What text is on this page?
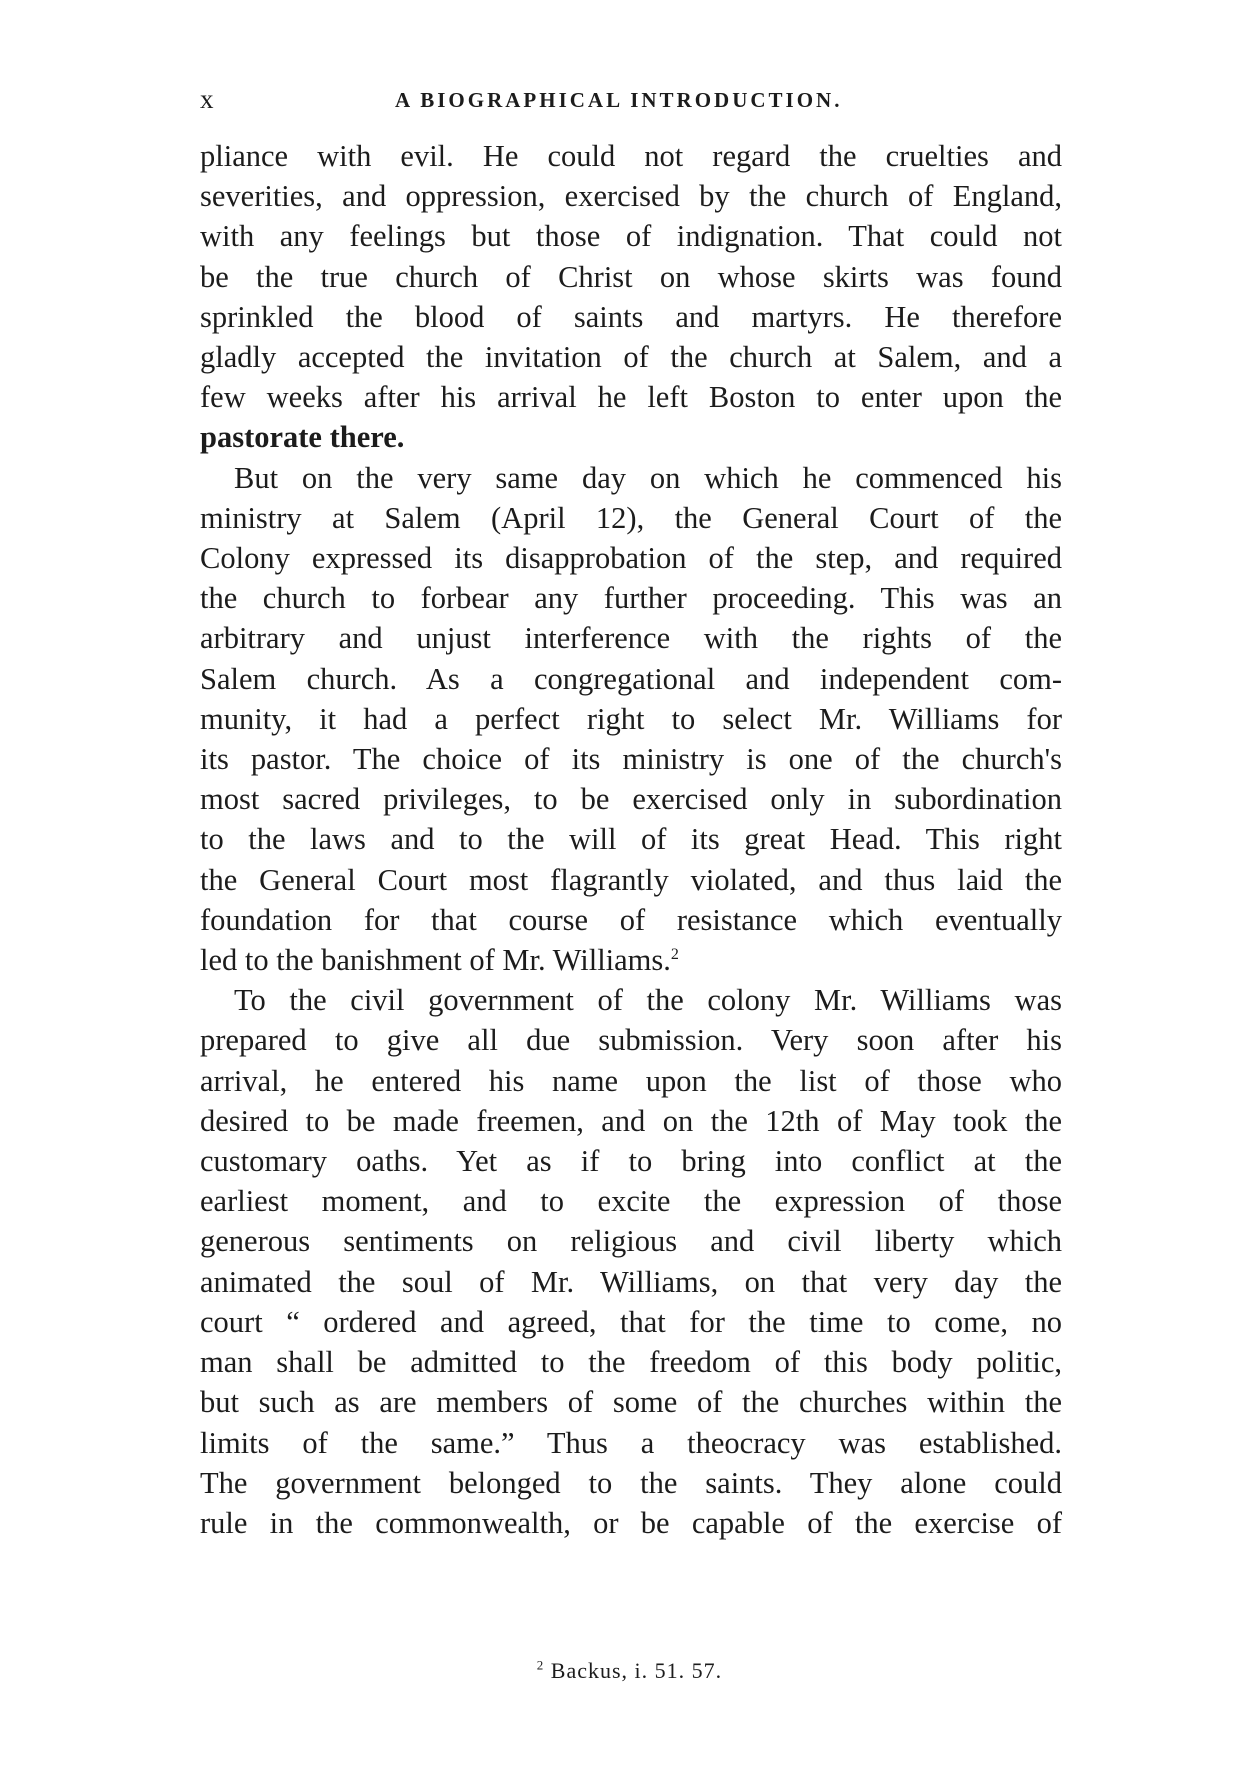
x	A BIOGRAPHICAL INTRODUCTION.

pliance with evil. He could not regard the cruelties and
severities, and oppression, exercised by the church of England,
with any feelings but those of indignation. That could not
be the true church of Christ on whose skirts was found
sprinkled the blood of saints and martyrs. He therefore
gladly accepted the invitation of the church at Salem, and a
few weeks after his arrival he left Boston to enter upon the
pastorate there.

But on the very same day on which he commenced his
ministry at Salem (April 12), the General Court of the
Colony expressed its disapprobation of the step, and required
the church to forbear any further proceeding. This was an
arbitrary and unjust interference with the rights of the
Salem church. As a congregational and independent com-
munity, it had a perfect right to select Mr. Williams for
its pastor. The choice of its ministry is one of the church's
most sacred privileges, to be exercised only in subordination
to the laws and to the will of its great Head. This right
the General Court most flagrantly violated, and thus laid the
foundation for that course of resistance which eventually
led to the banishment of Mr. Williams.$^2$

To the civil government of the colony Mr. Williams was
prepared to give all due submission. Very soon after his
arrival, he entered his name upon the list of those who
desired to be made freemen, and on the 12th of May took the
customary oaths. Yet as if to bring into conflict at the
earliest moment, and to excite the expression of those
generous sentiments on religious and civil liberty which
animated the soul of Mr. Williams, on that very day the
court “ ordered and agreed, that for the time to come, no
man shall be admitted to the freedom of this body politic,
but such as are members of some of the churches within the
limits of the same.” Thus a theocracy was established.
The government belonged to the saints. They alone could
rule in the commonwealth, or be capable of the exercise of

$^2$ Backus, i. 51. 57.
